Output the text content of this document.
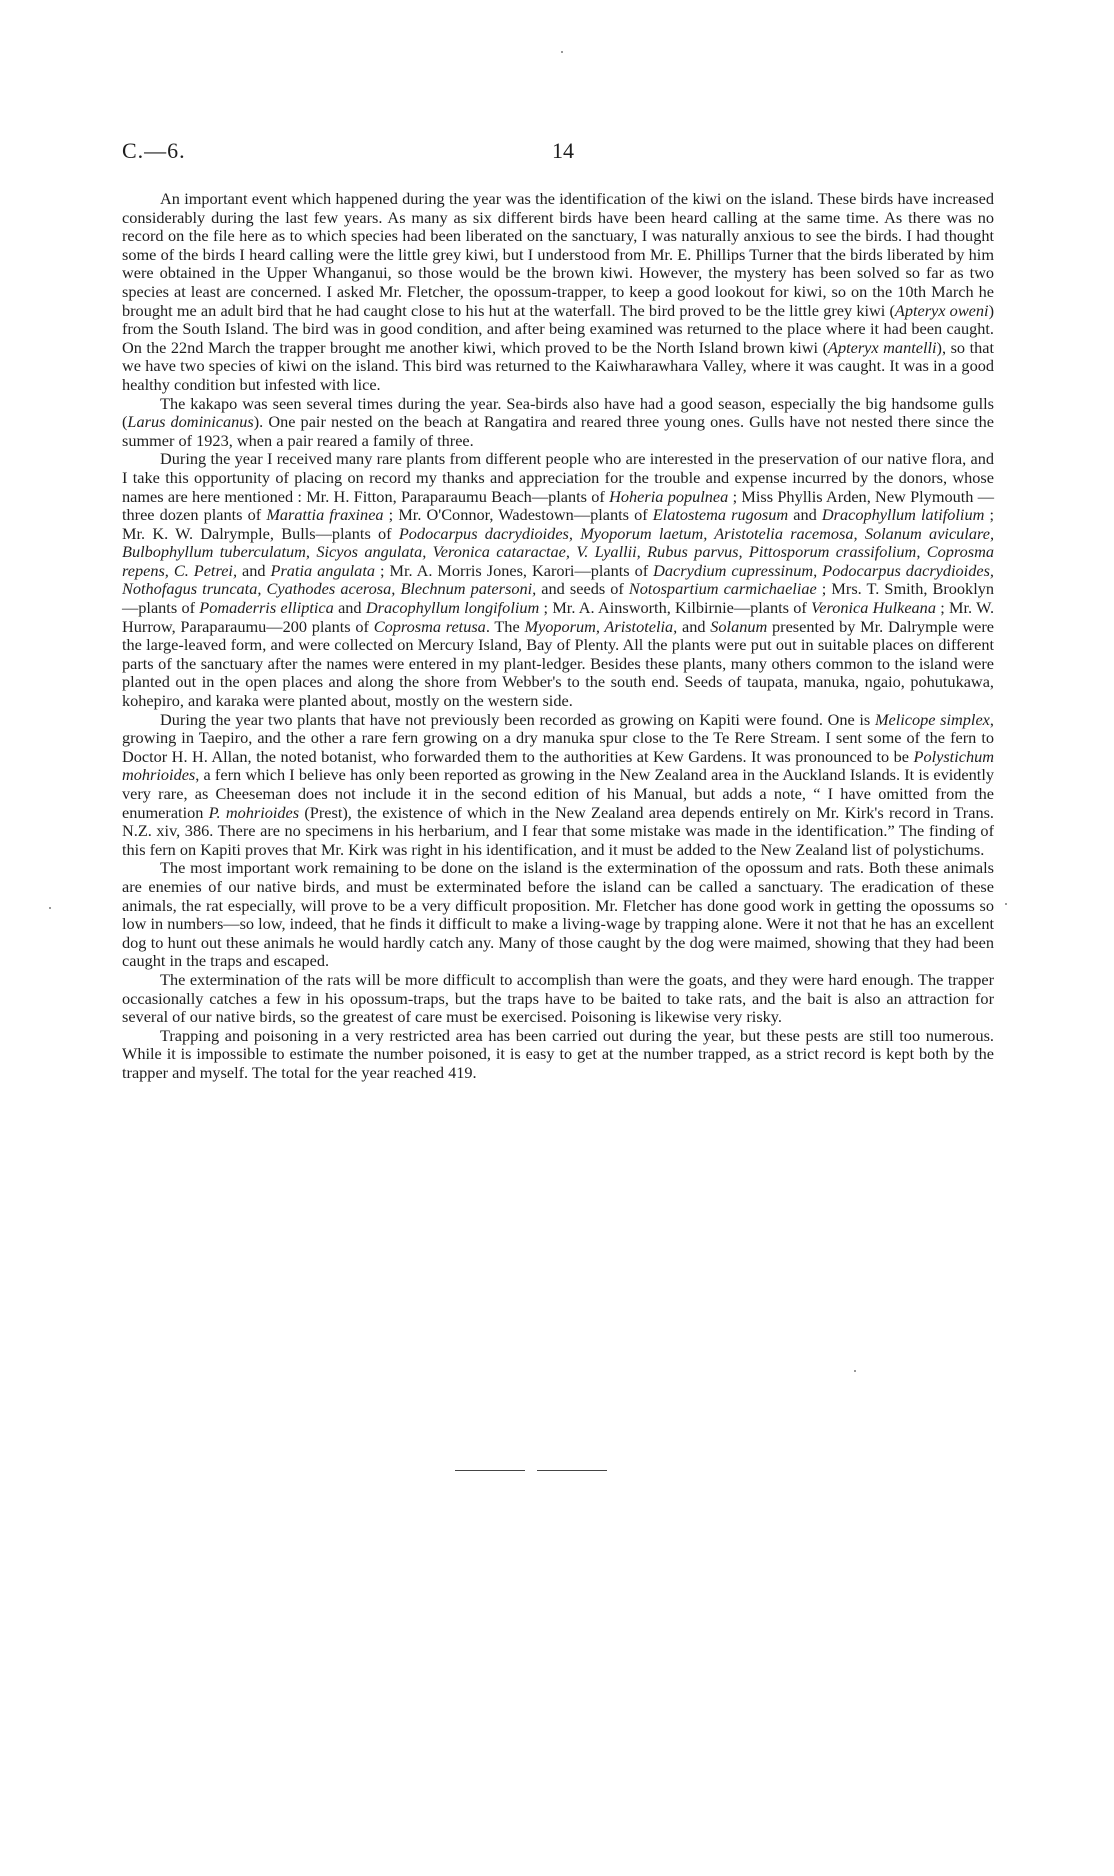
C.—6.	14

An important event which happened during the year was the identification of the kiwi on the island. These birds have increased considerably during the last few years. As many as six different birds have been heard calling at the same time. As there was no record on the file here as to which species had been liberated on the sanctuary, I was naturally anxious to see the birds. I had thought some of the birds I heard calling were the little grey kiwi, but I understood from Mr. E. Phillips Turner that the birds liberated by him were obtained in the Upper Whanganui, so those would be the brown kiwi. However, the mystery has been solved so far as two species at least are concerned. I asked Mr. Fletcher, the opossum-trapper, to keep a good lookout for kiwi, so on the 10th March he brought me an adult bird that he had caught close to his hut at the waterfall. The bird proved to be the little grey kiwi (Apteryx oweni) from the South Island. The bird was in good condition, and after being examined was returned to the place where it had been caught. On the 22nd March the trapper brought me another kiwi, which proved to be the North Island brown kiwi (Apteryx mantelli), so that we have two species of kiwi on the island. This bird was returned to the Kaiwharawhara Valley, where it was caught. It was in a good healthy condition but infested with lice.

The kakapo was seen several times during the year. Sea-birds also have had a good season, especially the big handsome gulls (Larus dominicanus). One pair nested on the beach at Rangatira and reared three young ones. Gulls have not nested there since the summer of 1923, when a pair reared a family of three.

During the year I received many rare plants from different people who are interested in the preservation of our native flora, and I take this opportunity of placing on record my thanks and appreciation for the trouble and expense incurred by the donors, whose names are here mentioned : Mr. H. Fitton, Paraparaumu Beach—plants of Hoheria populnea ; Miss Phyllis Arden, New Plymouth —three dozen plants of Marattia fraxinea ; Mr. O'Connor, Wadestown—plants of Elatostema rugosum and Dracophyllum latifolium ; Mr. K. W. Dalrymple, Bulls—plants of Podocarpus dacrydioides, Myoporum laetum, Aristotelia racemosa, Solanum aviculare, Bulbophyllum tuberculatum, Sicyos angulata, Veronica cataractae, V. Lyallii, Rubus parvus, Pittosporum crassifolium, Coprosma repens, C. Petrei, and Pratia angulata ; Mr. A. Morris Jones, Karori—plants of Dacrydium cupressinum, Podocarpus dacrydioides, Nothofagus truncata, Cyathodes acerosa, Blechnum patersoni, and seeds of Notospartium carmichaeliae ; Mrs. T. Smith, Brooklyn—plants of Pomaderris elliptica and Dracophyllum longifolium ; Mr. A. Ainsworth, Kilbirnie—plants of Veronica Hulkeana ; Mr. W. Hurrow, Paraparaumu—200 plants of Coprosma retusa. The Myoporum, Aristotelia, and Solanum presented by Mr. Dalrymple were the large-leaved form, and were collected on Mercury Island, Bay of Plenty. All the plants were put out in suitable places on different parts of the sanctuary after the names were entered in my plant-ledger. Besides these plants, many others common to the island were planted out in the open places and along the shore from Webber's to the south end. Seeds of taupata, manuka, ngaio, pohutukawa, kohepiro, and karaka were planted about, mostly on the western side.

During the year two plants that have not previously been recorded as growing on Kapiti were found. One is Melicope simplex, growing in Taepiro, and the other a rare fern growing on a dry manuka spur close to the Te Rere Stream. I sent some of the fern to Doctor H. H. Allan, the noted botanist, who forwarded them to the authorities at Kew Gardens. It was pronounced to be Polystichum mohrioides, a fern which I believe has only been reported as growing in the New Zealand area in the Auckland Islands. It is evidently very rare, as Cheeseman does not include it in the second edition of his Manual, but adds a note, “ I have omitted from the enumeration P. mohrioides (Prest), the existence of which in the New Zealand area depends entirely on Mr. Kirk's record in Trans. N.Z. xiv, 386. There are no specimens in his herbarium, and I fear that some mistake was made in the identification.” The finding of this fern on Kapiti proves that Mr. Kirk was right in his identification, and it must be added to the New Zealand list of polystichums.

The most important work remaining to be done on the island is the extermination of the opossum and rats. Both these animals are enemies of our native birds, and must be exterminated before the island can be called a sanctuary. The eradication of these animals, the rat especially, will prove to be a very difficult proposition. Mr. Fletcher has done good work in getting the opossums so low in numbers—so low, indeed, that he finds it difficult to make a living-wage by trapping alone. Were it not that he has an excellent dog to hunt out these animals he would hardly catch any. Many of those caught by the dog were maimed, showing that they had been caught in the traps and escaped.

The extermination of the rats will be more difficult to accomplish than were the goats, and they were hard enough. The trapper occasionally catches a few in his opossum-traps, but the traps have to be baited to take rats, and the bait is also an attraction for several of our native birds, so the greatest of care must be exercised. Poisoning is likewise very risky.

Trapping and poisoning in a very restricted area has been carried out during the year, but these pests are still too numerous. While it is impossible to estimate the number poisoned, it is easy to get at the number trapped, as a strict record is kept both by the trapper and myself. The total for the year reached 419.
